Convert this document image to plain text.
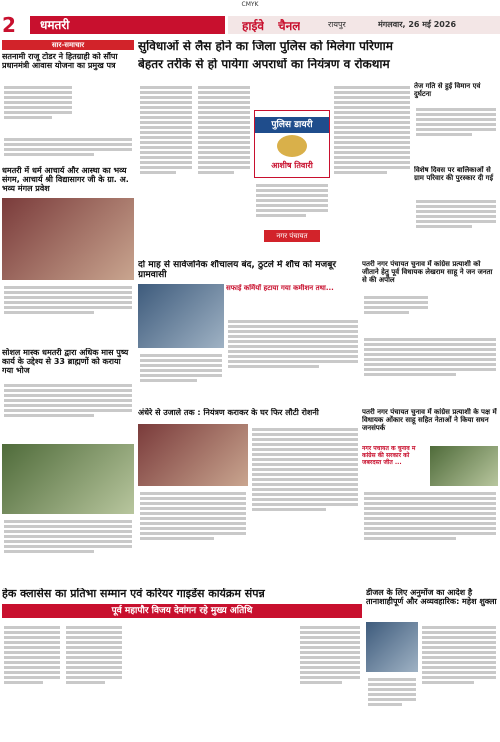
CMYK
2	धमतरी	हाईवे चैनल	रायपुर	मंगलवार, 26 मई 2026
सार-समाचार
सतनामी राजू टोडर ने हितग्राही को सौंपा प्रधानमंत्री आवास योजना का प्रमुख पत्र
धमतरी में धर्म आचार्य और आस्था का भव्य संगम, आचार्य श्री विद्यासागर जी के ग्रा. अ. भव्य मंगल प्रवेश
सोशल मास्क धमतरी द्वारा अधिक मास पुष्य कार्य के उद्देश्य से 33 ब्राह्मणों को कराया गया भोज
सुविधाओं से लैस होने का जिला पुलिस को मिलेगा परिणाम
बेहतर तरीके से हो पायेगा अपराधों का नियंत्रण व रोकथाम
पुलिस डायरी
आशीष तिवारी
नगर पंचायत
तेज गति से हुई विमान एवं दुर्घटना
विशेष दिवस पर बालिकाओं से ग्राम परिवार की पुरस्कार दी गई
दो माह से सार्वजनिक शौचालय बंद, ठुटले में शौच को मजबूर ग्रामवासी
सफाई कर्मियों हटाया गया कमीशन तथा...
पतरी नगर पंचायत चुनाव में कांग्रेस प्रत्याशी को जीताने हेतु पूर्व विधायक लेखराम साहू ने जन जनता से की अपील
अंधेरे से उजाले तक : नियंत्रण कराकर के घर फिर लौटी रोशनी	पतरी नगर पंचायत चुनाव में कांग्रेस प्रत्याशी के पक्ष में विधायक ओंकार साहू सहित नेताओं ने किया सघन जनसंपर्क
नगर पंचायत के चुनाव में कांग्रेस की सरकार को जबरदस्त जीत ...
हेक क्लासेस का प्रतिभा सम्मान एवं करियर गाइडेंस कार्यक्रम संपन्न
पूर्व महापौर विजय देवांगन रहे मुख्य अतिथि
डीजल के लिए अनुमोंज का आदेश है तानाशाहीपूर्ण और अव्यवहारिक: महेश शुक्ला
